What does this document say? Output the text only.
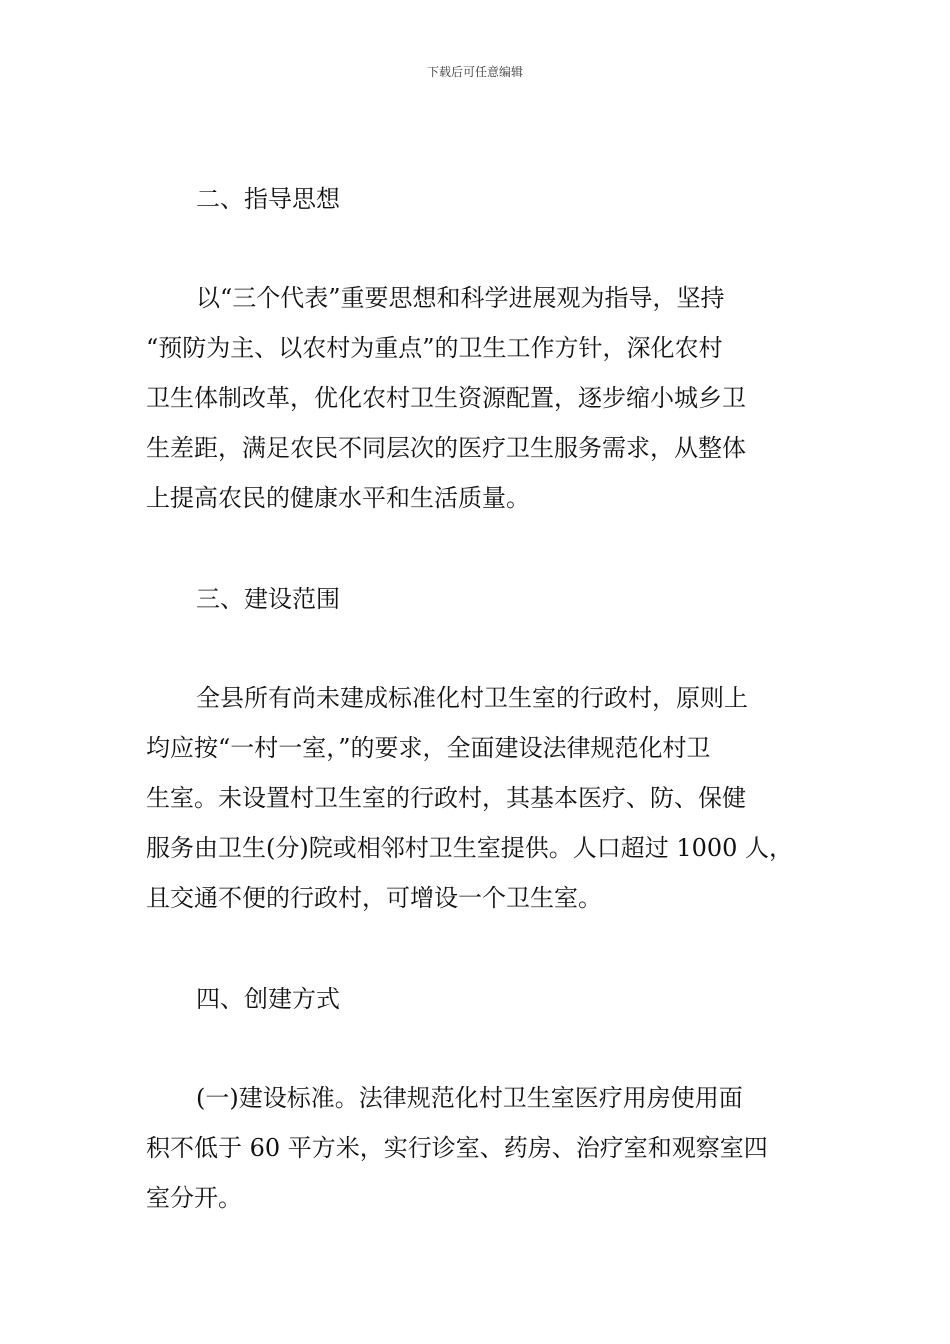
下载后可任意编辑
二、指导思想
以“三个代表”重要思想和科学进展观为指导，坚持
“预防为主、以农村为重点”的卫生工作方针，深化农村
卫生体制改革，优化农村卫生资源配置，逐步缩小城乡卫
生差距，满足农民不同层次的医疗卫生服务需求，从整体
上提高农民的健康水平和生活质量。
三、建设范围
全县所有尚未建成标准化村卫生室的行政村，原则上
均应按“一村一室，”的要求，全面建设法律规范化村卫
生室。未设置村卫生室的行政村，其基本医疗、防、保健
服务由卫生(分)院或相邻村卫生室提供。人口超过 1000 人，
且交通不便的行政村，可增设一个卫生室。
四、创建方式
(一)建设标准。法律规范化村卫生室医疗用房使用面
积不低于 60 平方米，实行诊室、药房、治疗室和观察室四
室分开。
